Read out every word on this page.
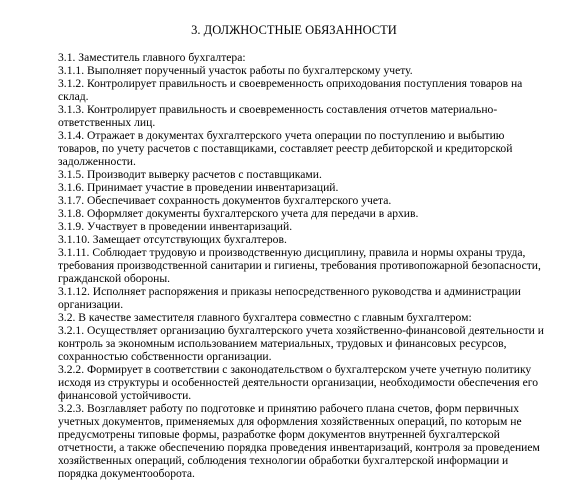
3. ДОЛЖНОСТНЫЕ ОБЯЗАННОСТИ

3.1. Заместитель главного бухгалтера:

3.1.1. Выполняет порученный участок работы по бухгалтерскому учету.

3.1.2. Контролирует правильность и своевременность оприходования поступления товаров на
склад.

3.1.3. Контролирует правильность и своевременность составления отчетов материально-
ответственных лиц.

3.1.4. Отражает в документах бухгалтерского учета операции по поступлению и выбытию
товаров, по учету расчетов с поставщиками, составляет реестр дебиторской и кредиторской
задолженности.

3.1.5. Производит выверку расчетов с поставщиками.

3.1.6. Принимает участие в проведении инвентаризаций.

3.1.7. Обеспечивает сохранность документов бухгалтерского учета.

3.1.8. Оформляет документы бухгалтерского учета для передачи в архив.

3.1.9. Участвует в проведении инвентаризаций.

3.1.10. Замещает отсутствующих бухгалтеров.

3.1.11. Соблюдает трудовую и производственную дисциплину, правила и нормы охраны труда,
требования производственной санитарии и гигиены, требования противопожарной безопасности,
гражданской обороны.

3.1.12. Исполняет распоряжения и приказы непосредственного руководства и администрации
организации.

3.2. В качестве заместителя главного бухгалтера совместно с главным бухгалтером:

3.2.1. Осуществляет организацию бухгалтерского учета хозяйственно-финансовой деятельности и
контроль за экономным использованием материальных, трудовых и финансовых ресурсов,
сохранностью собственности организации.

3.2.2. Формирует в соответствии с законодательством о бухгалтерском учете учетную политику
исходя из структуры и особенностей деятельности организации, необходимости обеспечения его
финансовой устойчивости.

3.2.3. Возглавляет работу по подготовке и принятию рабочего плана счетов, форм первичных
учетных документов, применяемых для оформления хозяйственных операций, по которым не
предусмотрены типовые формы, разработке форм документов внутренней бухгалтерской
отчетности, а также обеспечению порядка проведения инвентаризаций, контроля за проведением
хозяйственных операций, соблюдения технологии обработки бухгалтерской информации и
порядка документооборота.
